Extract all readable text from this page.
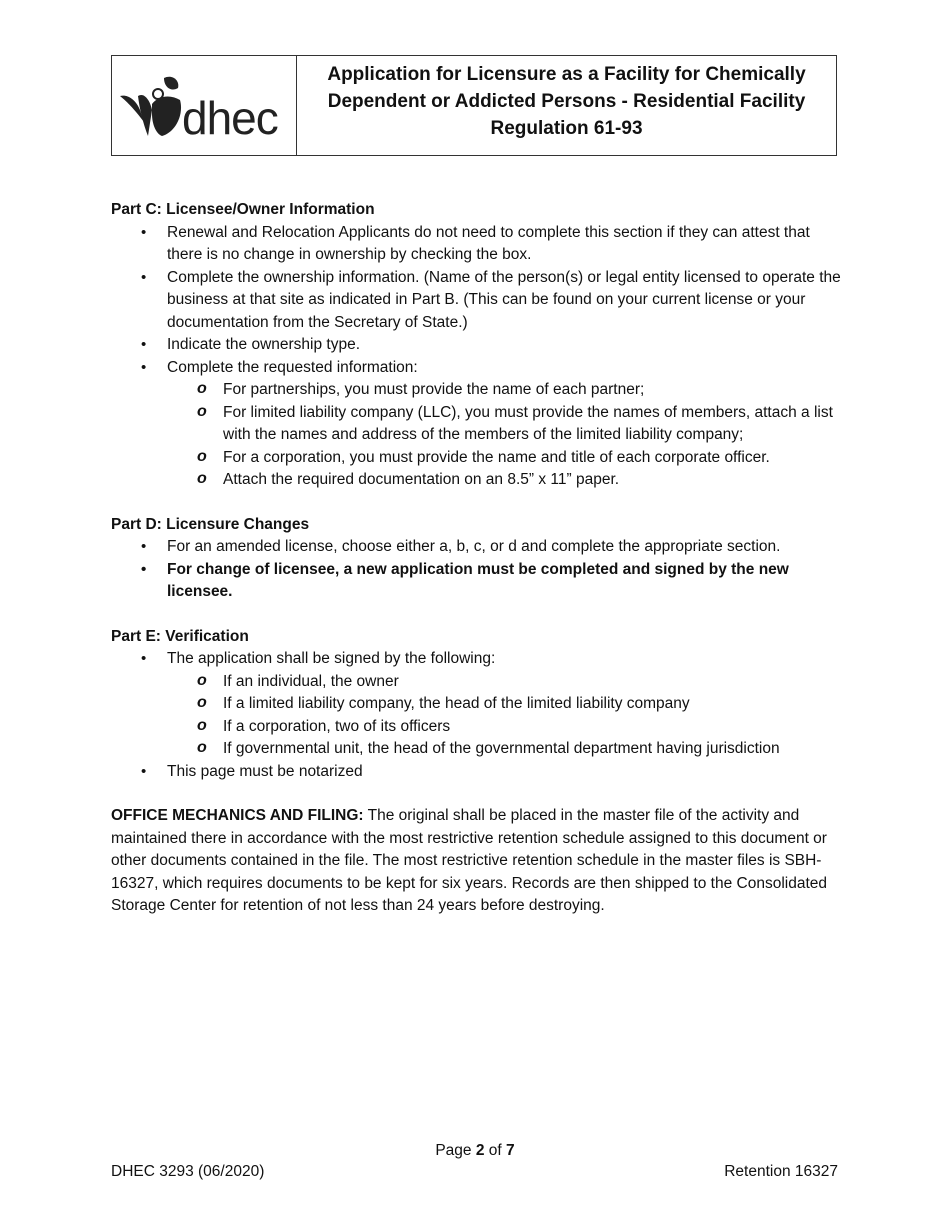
dhec
Application for Licensure as a Facility for Chemically
Dependent or Addicted Persons - Residential Facility
Regulation 61-93

Part C: Licensee/Owner Information

• Renewal and Relocation Applicants do not need to complete this section if they can attest that there is no change in ownership by checking the box.
• Complete the ownership information. (Name of the person(s) or legal entity licensed to operate the business at that site as indicated in Part B. (This can be found on your current license or your documentation from the Secretary of State.)
• Indicate the ownership type.
• Complete the requested information:
o For partnerships, you must provide the name of each partner;
o For limited liability company (LLC), you must provide the names of members, attach a list with the names and address of the members of the limited liability company;
o For a corporation, you must provide the name and title of each corporate officer.
o Attach the required documentation on an 8.5” x 11” paper.

Part D: Licensure Changes

• For an amended license, choose either a, b, c, or d and complete the appropriate section.
• For change of licensee, a new application must be completed and signed by the new licensee.

Part E: Verification

• The application shall be signed by the following:
o If an individual, the owner
o If a limited liability company, the head of the limited liability company
o If a corporation, two of its officers
o If governmental unit, the head of the governmental department having jurisdiction
• This page must be notarized

OFFICE MECHANICS AND FILING: The original shall be placed in the master file of the activity and maintained there in accordance with the most restrictive retention schedule assigned to this document or other documents contained in the file. The most restrictive retention schedule in the master files is SBH-16327, which requires documents to be kept for six years. Records are then shipped to the Consolidated Storage Center for retention of not less than 24 years before destroying.

Page 2 of 7
DHEC 3293 (06/2020)	Retention 16327
